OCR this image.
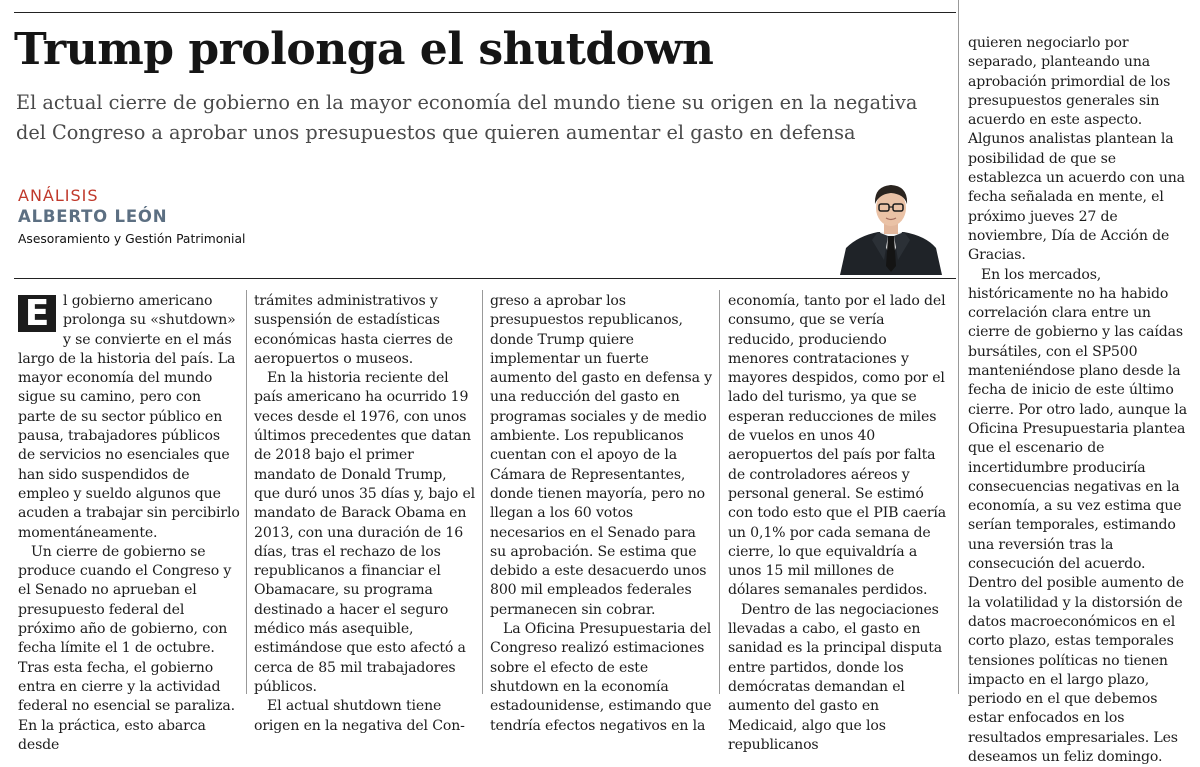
Trump prolonga el shutdown

El actual cierre de gobierno en la mayor economía del mundo tiene su origen en la negativa del Congreso a aprobar unos presupuestos que quieren aumentar el gasto en defensa

ANÁLISIS
ALBERTO LEÓN
Asesoramiento y Gestión Patrimonial
E l gobierno americano prolonga su «shutdown» y se convierte en el más largo de la historia del país. La mayor economía del mundo sigue su camino, pero con parte de su sector público en pausa, trabajadores públicos de servicios no esenciales que han sido suspendidos de empleo y sueldo algunos que acuden a trabajar sin percibirlo momentáneamente.

Un cierre de gobierno se produce cuando el Congreso y el Senado no aprueban el presupuesto federal del próximo año de gobierno, con fecha límite el 1 de octubre. Tras esta fecha, el gobierno entra en cierre y la actividad federal no esencial se paraliza. En la práctica, esto abarca desde

trámites administrativos y suspensión de estadísticas económicas hasta cierres de aeropuertos o museos.

En la historia reciente del país americano ha ocurrido 19 veces desde el 1976, con unos últimos precedentes que datan de 2018 bajo el primer mandato de Donald Trump, que duró unos 35 días y, bajo el mandato de Barack Obama en 2013, con una duración de 16 días, tras el rechazo de los republicanos a financiar el Obamacare, su programa destinado a hacer el seguro médico más asequible, estimándose que esto afectó a cerca de 85 mil trabajadores públicos.

El actual shutdown tiene origen en la negativa del Con-

greso a aprobar los presupuestos republicanos, donde Trump quiere implementar un fuerte aumento del gasto en defensa y una reducción del gasto en programas sociales y de medio ambiente. Los republicanos cuentan con el apoyo de la Cámara de Representantes, donde tienen mayoría, pero no llegan a los 60 votos necesarios en el Senado para su aprobación. Se estima que debido a este desacuerdo unos 800 mil empleados federales permanecen sin cobrar.

La Oficina Presupuestaria del Congreso realizó estimaciones sobre el efecto de este shutdown en la economía estadounidense, estimando que tendría efectos negativos en la

economía, tanto por el lado del consumo, que se vería reducido, produciendo menores contrataciones y mayores despidos, como por el lado del turismo, ya que se esperan reducciones de miles de vuelos en unos 40 aeropuertos del país por falta de controladores aéreos y personal general. Se estimó con todo esto que el PIB caería un 0,1% por cada semana de cierre, lo que equivaldría a unos 15 mil millones de dólares semanales perdidos.

Dentro de las negociaciones llevadas a cabo, el gasto en sanidad es la principal disputa entre partidos, donde los demócratas demandan el aumento del gasto en Medicaid, algo que los republicanos

quieren negociarlo por separado, planteando una aprobación primordial de los presupuestos generales sin acuerdo en este aspecto. Algunos analistas plantean la posibilidad de que se establezca un acuerdo con una fecha señalada en mente, el próximo jueves 27 de noviembre, Día de Acción de Gracias.

En los mercados, históricamente no ha habido correlación clara entre un cierre de gobierno y las caídas bursátiles, con el SP500 manteniéndose plano desde la fecha de inicio de este último cierre. Por otro lado, aunque la Oficina Presupuestaria plantea que el escenario de incertidumbre produciría consecuencias negativas en la economía, a su vez estima que serían temporales, estimando una reversión tras la consecución del acuerdo. Dentro del posible aumento de la volatilidad y la distorsión de datos macroeconómicos en el corto plazo, estas temporales tensiones políticas no tienen impacto en el largo plazo, periodo en el que debemos estar enfocados en los resultados empresariales. Les deseamos un feliz domingo.
